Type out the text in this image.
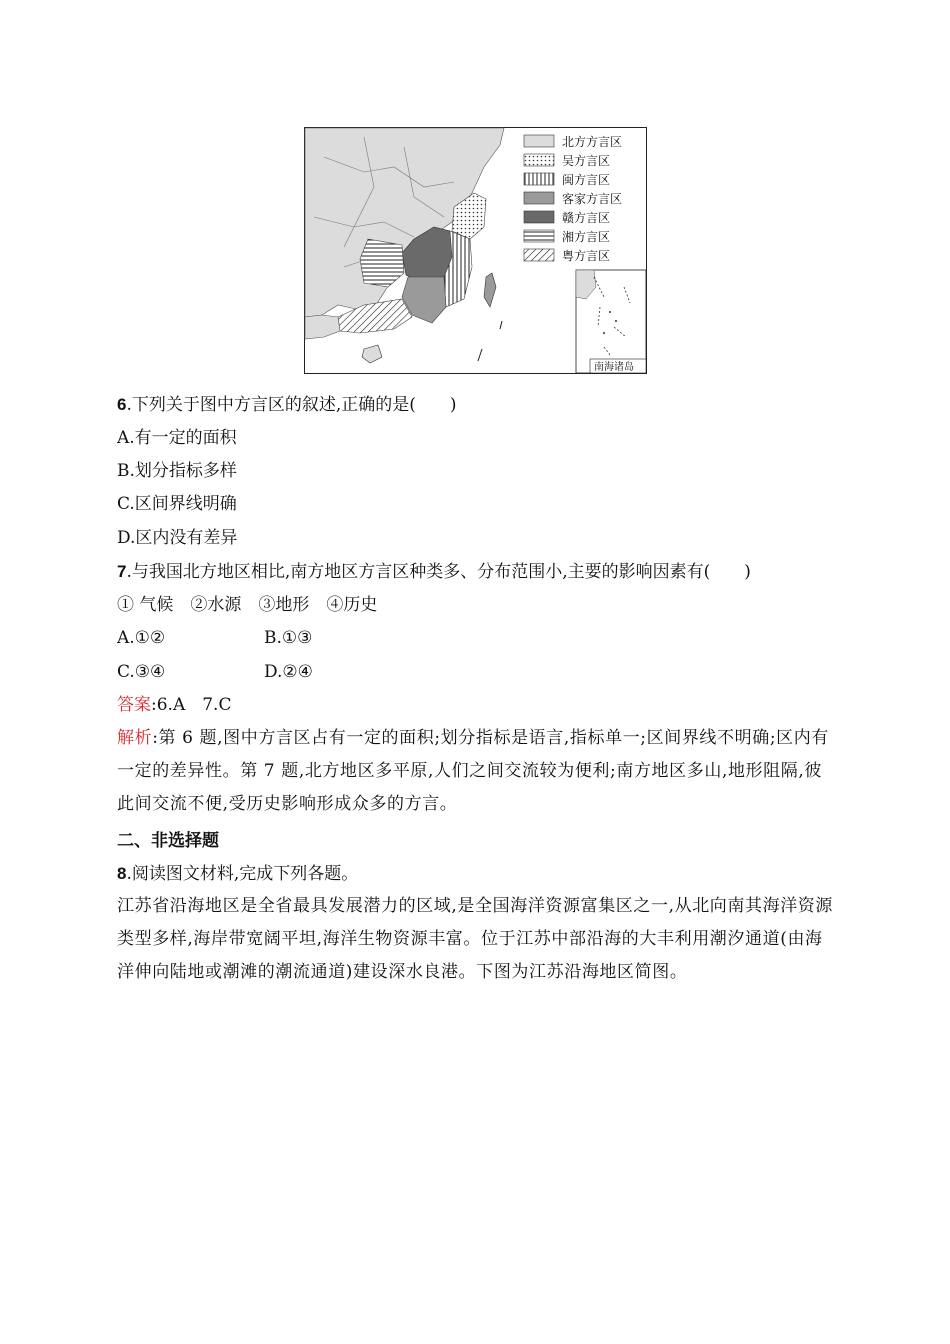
北方方言区
吴方言区
闽方言区
客家方言区
赣方言区
湘方言区
粤方言区
南海诸岛
6.下列关于图中方言区的叙述,正确的是(　　)
A.有一定的面积
B.划分指标多样
C.区间界线明确
D.区内没有差异
7.与我国北方地区相比,南方地区方言区种类多、分布范围小,主要的影响因素有(　　)
① 气候　②水源　③地形　④历史
A.①②	B.①③
C.③④	D.②④
答案:6.A　7.C
解析:第 6 题,图中方言区占有一定的面积;划分指标是语言,指标单一;区间界线不明确;区内有一定的差异性。第 7 题,北方地区多平原,人们之间交流较为便利;南方地区多山,地形阻隔,彼此间交流不便,受历史影响形成众多的方言。
二、非选择题
8.阅读图文材料,完成下列各题。
江苏省沿海地区是全省最具发展潜力的区域,是全国海洋资源富集区之一,从北向南其海洋资源类型多样,海岸带宽阔平坦,海洋生物资源丰富。位于江苏中部沿海的大丰利用潮汐通道(由海洋伸向陆地或潮滩的潮流通道)建设深水良港。下图为江苏沿海地区简图。
